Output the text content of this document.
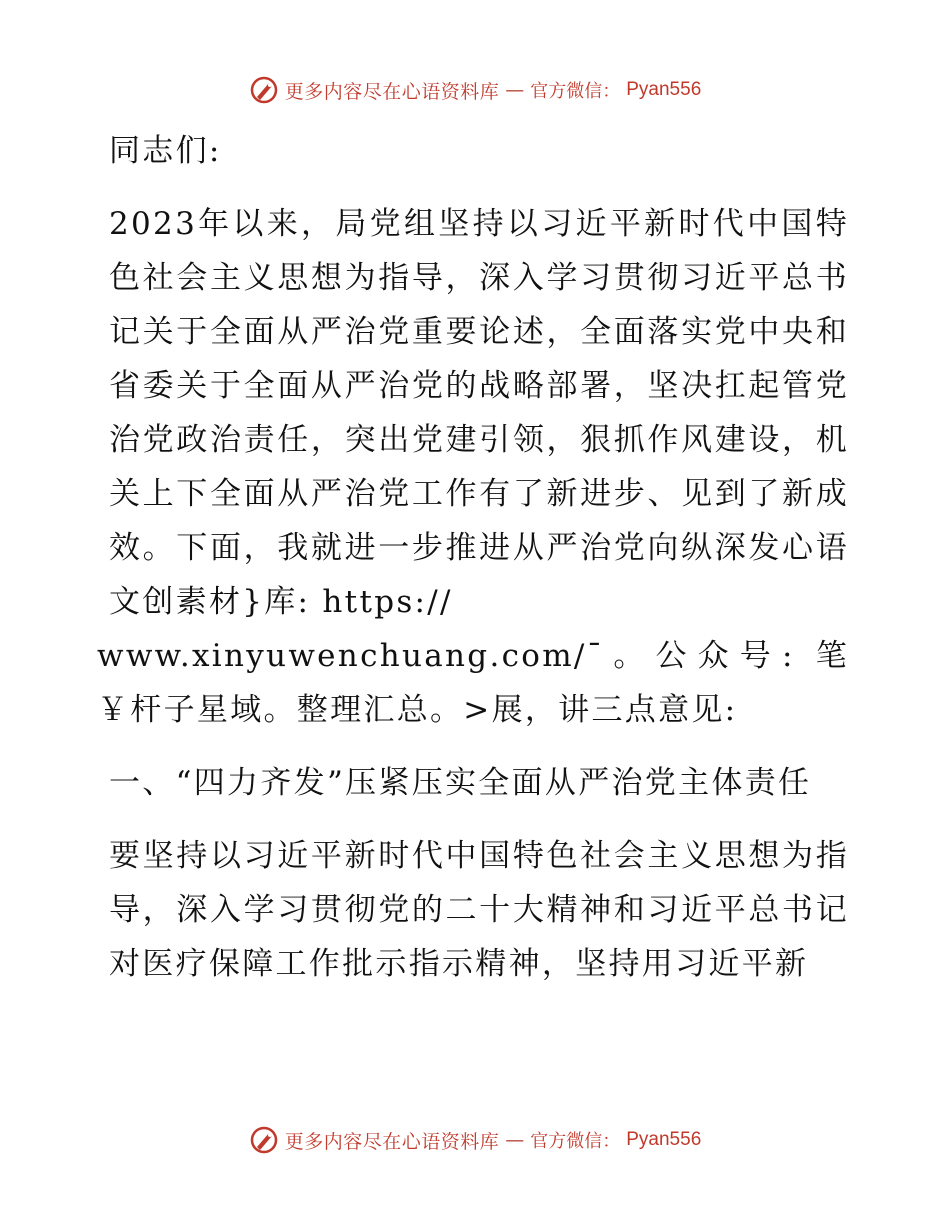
更多内容尽在心语资料库 — 官方微信： Pyan556

同志们:

2023年以来，局党组坚持以习近平新时代中国特色社会主义思想为指导，深入学习贯彻习近平总书记关于全面从严治党重要论述，全面落实党中央和省委关于全面从严治党的战略部署，坚决扛起管党治党政治责任，突出党建引领，狠抓作风建设，机关上下全面从严治党工作有了新进步、见到了新成效。下面，我就进一步推进从严治党向纵深发心语文创素材}库: https://

www.xinyuwenchuang.com/¯。公众号: 笔￥杆子星域。整理汇总。>展，讲三点意见:

一、“四力齐发”压紧压实全面从严治党主体责任

要坚持以习近平新时代中国特色社会主义思想为指导，深入学习贯彻党的二十大精神和习近平总书记对医疗保障工作批示指示精神，坚持用习近平新

更多内容尽在心语资料库 — 官方微信： Pyan556
